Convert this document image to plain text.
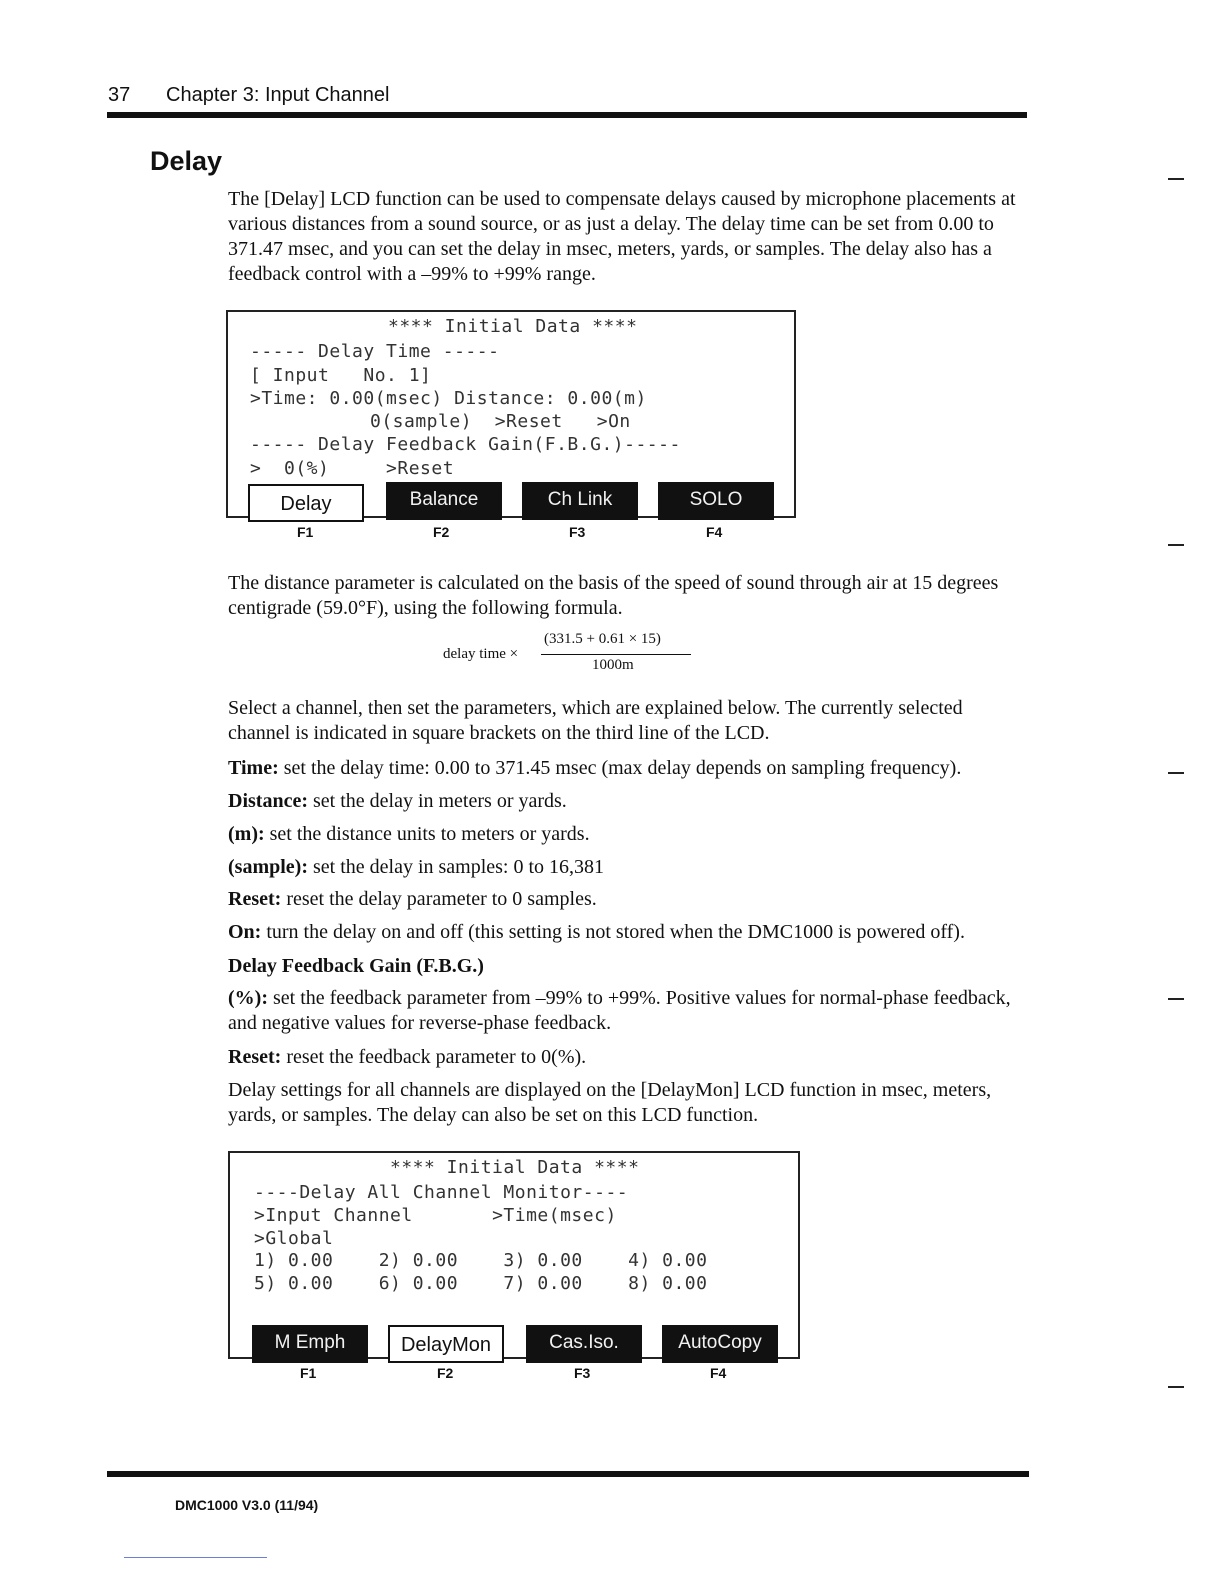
37 Chapter 3: Input Channel
Delay

The [Delay] LCD function can be used to compensate delays caused by microphone placements at various distances from a sound source, or as just a delay. The delay time can be set from 0.00 to 371.47 msec, and you can set the delay in msec, meters, yards, or samples. The delay also has a feedback control with a –99% to +99% range.

**** Initial Data ****
----- Delay Time -----
[ Input   No. 1]
>Time: 0.00(msec) Distance: 0.00(m)
0(sample)  >Reset   >On
----- Delay Feedback Gain(F.B.G.)-----
>  0(%)     >Reset
Delay	Balance	Ch Link	SOLO
F1	F2	F3	F4

The distance parameter is calculated on the basis of the speed of sound through air at 15 degrees centigrade (59.0°F), using the following formula.

(331.5 + 0.61 × 15)
delay time ×
1000m

Select a channel, then set the parameters, which are explained below. The currently selected channel is indicated in square brackets on the third line of the LCD.

Time: set the delay time: 0.00 to 371.45 msec (max delay depends on sampling frequency).

Distance: set the delay in meters or yards.

(m): set the distance units to meters or yards.

(sample): set the delay in samples: 0 to 16,381

Reset: reset the delay parameter to 0 samples.

On: turn the delay on and off (this setting is not stored when the DMC1000 is powered off).

Delay Feedback Gain (F.B.G.)

(%): set the feedback parameter from –99% to +99%. Positive values for normal-phase feedback, and negative values for reverse-phase feedback.

Reset: reset the feedback parameter to 0(%).

Delay settings for all channels are displayed on the [DelayMon] LCD function in msec, meters, yards, or samples. The delay can also be set on this LCD function.

**** Initial Data ****
----Delay All Channel Monitor----
>Input Channel       >Time(msec)
>Global
1) 0.00    2) 0.00    3) 0.00    4) 0.00
5) 0.00    6) 0.00    7) 0.00    8) 0.00
M Emph	DelayMon	Cas.Iso.	AutoCopy
F1	F2	F3	F4
DMC1000 V3.0 (11/94)
